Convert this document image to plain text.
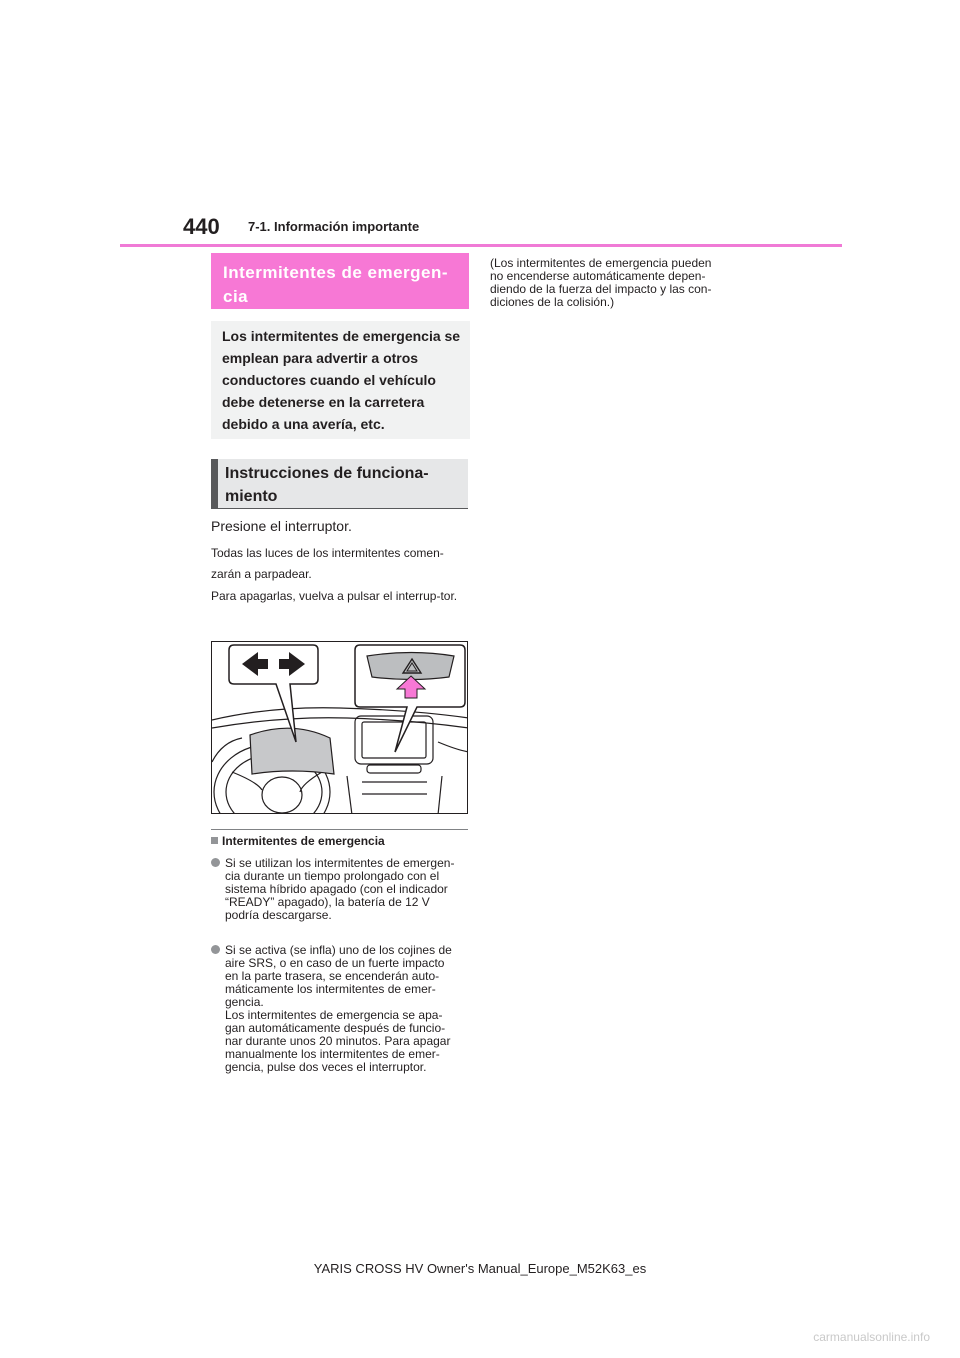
440 7-1. Información importante
Intermitentes de emergen-
cia
Los intermitentes de emergencia se emplean para advertir a otros conductores cuando el vehículo debe detenerse en la carretera debido a una avería, etc.
Instrucciones de funciona-
miento
Presione el interruptor.
Todas las luces de los intermitentes comen-zarán a parpadear.
Para apagarlas, vuelva a pulsar el interrup-tor.
Intermitentes de emergencia
Si se utilizan los intermitentes de emergen-
cia durante un tiempo prolongado con el
sistema híbrido apagado (con el indicador
“READY” apagado), la batería de 12 V
podría descargarse.
Si se activa (se infla) uno de los cojines de
aire SRS, o en caso de un fuerte impacto
en la parte trasera, se encenderán auto-
máticamente los intermitentes de emer-
gencia.
Los intermitentes de emergencia se apa-
gan automáticamente después de funcio-
nar durante unos 20 minutos. Para apagar
manualmente los intermitentes de emer-
gencia, pulse dos veces el interruptor.
(Los intermitentes de emergencia pueden
no encenderse automáticamente depen-
diendo de la fuerza del impacto y las con-
diciones de la colisión.)
YARIS CROSS HV Owner's Manual_Europe_M52K63_es
carmanualsonline.info
